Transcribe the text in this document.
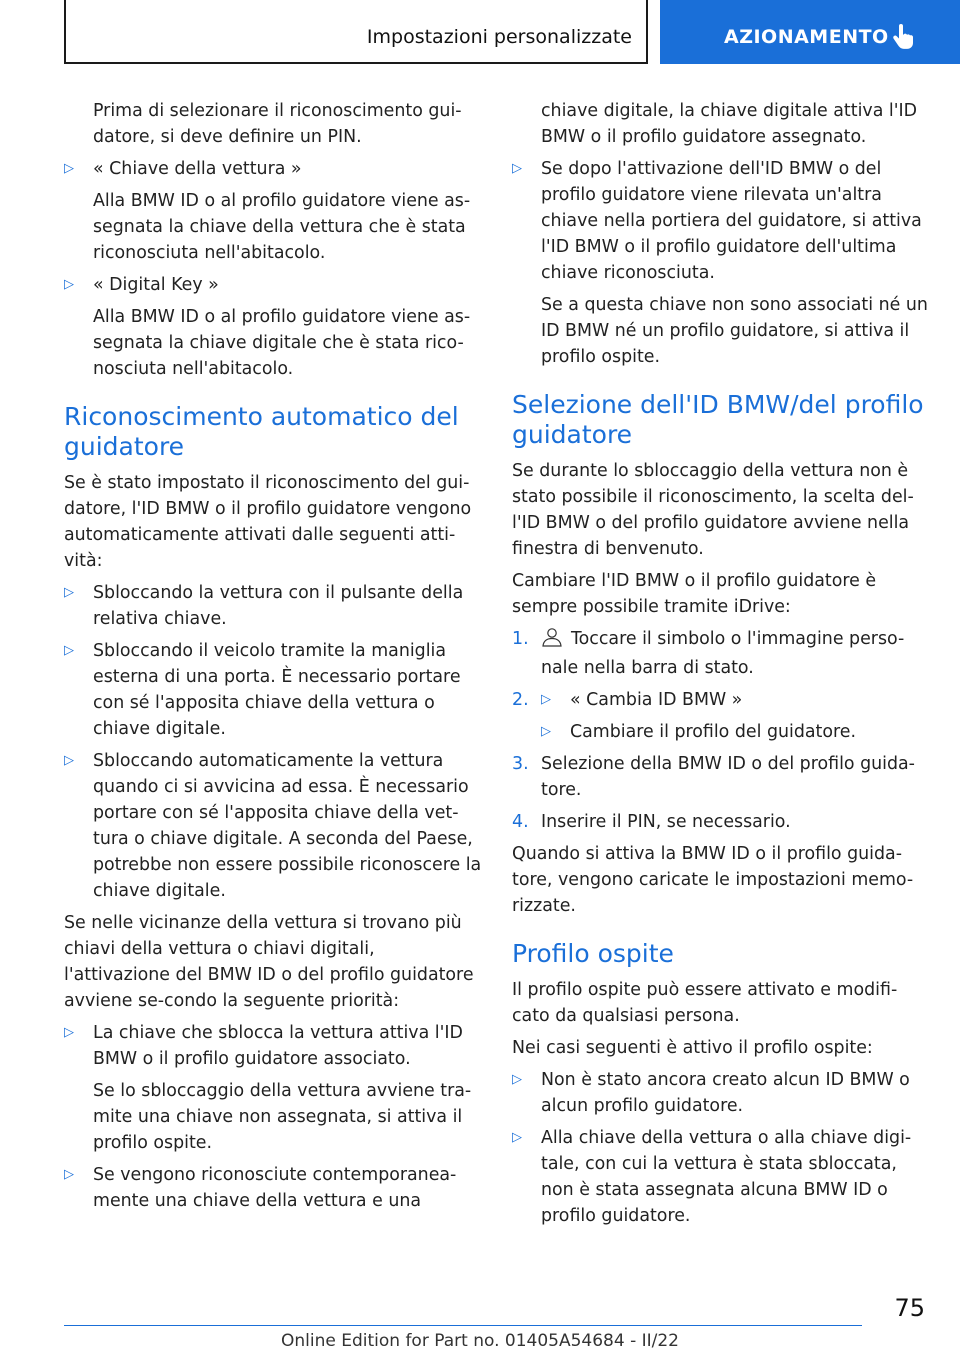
Impostazioni personalizzate	AZIONAMENTO

Prima di selezionare il riconoscimento gui-datore, si deve definire un PIN.

▷ « Chiave della vettura »

Alla BMW ID o al profilo guidatore viene as-segnata la chiave della vettura che è stata riconosciuta nell'abitacolo.

▷ « Digital Key »

Alla BMW ID o al profilo guidatore viene as-segnata la chiave digitale che è stata rico-nosciuta nell'abitacolo.

Riconoscimento automatico del guidatore

Se è stato impostato il riconoscimento del gui-datore, l'ID BMW o il profilo guidatore vengono automaticamente attivati dalle seguenti atti-vità:

▷ Sbloccando la vettura con il pulsante della relativa chiave.

▷ Sbloccando il veicolo tramite la maniglia esterna di una porta. È necessario portare con sé l'apposita chiave della vettura o chiave digitale.

▷ Sbloccando automaticamente la vettura quando ci si avvicina ad essa. È necessario portare con sé l'apposita chiave della vet-tura o chiave digitale. A seconda del Paese, potrebbe non essere possibile riconoscere la chiave digitale.

Se nelle vicinanze della vettura si trovano più chiavi della vettura o chiavi digitali, l'attivazione del BMW ID o del profilo guidatore avviene se-condo la seguente priorità:

▷ La chiave che sblocca la vettura attiva l'ID BMW o il profilo guidatore associato.

Se lo sbloccaggio della vettura avviene tra-mite una chiave non assegnata, si attiva il profilo ospite.

▷ Se vengono riconosciute contemporanea-mente una chiave della vettura e una

chiave digitale, la chiave digitale attiva l'ID BMW o il profilo guidatore assegnato.

▷ Se dopo l'attivazione dell'ID BMW o del profilo guidatore viene rilevata un'altra chiave nella portiera del guidatore, si attiva l'ID BMW o il profilo guidatore dell'ultima chiave riconosciuta.

Se a questa chiave non sono associati né un ID BMW né un profilo guidatore, si attiva il profilo ospite.

Selezione dell'ID BMW/del profilo guidatore

Se durante lo sbloccaggio della vettura non è stato possibile il riconoscimento, la scelta del-l'ID BMW o del profilo guidatore avviene nella finestra di benvenuto.

Cambiare l'ID BMW o il profilo guidatore è sempre possibile tramite iDrive:

1. Toccare il simbolo o l'immagine perso-nale nella barra di stato.
2. ▷ « Cambia ID BMW »
▷ Cambiare il profilo del guidatore.
3. Selezione della BMW ID o del profilo guida-tore.
4. Inserire il PIN, se necessario.

Quando si attiva la BMW ID o il profilo guida-tore, vengono caricate le impostazioni memo-rizzate.

Profilo ospite

Il profilo ospite può essere attivato e modifi-cato da qualsiasi persona.

Nei casi seguenti è attivo il profilo ospite:

▷ Non è stato ancora creato alcun ID BMW o alcun profilo guidatore.

▷ Alla chiave della vettura o alla chiave digi-tale, con cui la vettura è stata sbloccata, non è stata assegnata alcuna BMW ID o profilo guidatore.

75
Online Edition for Part no. 01405A54684 - II/22
